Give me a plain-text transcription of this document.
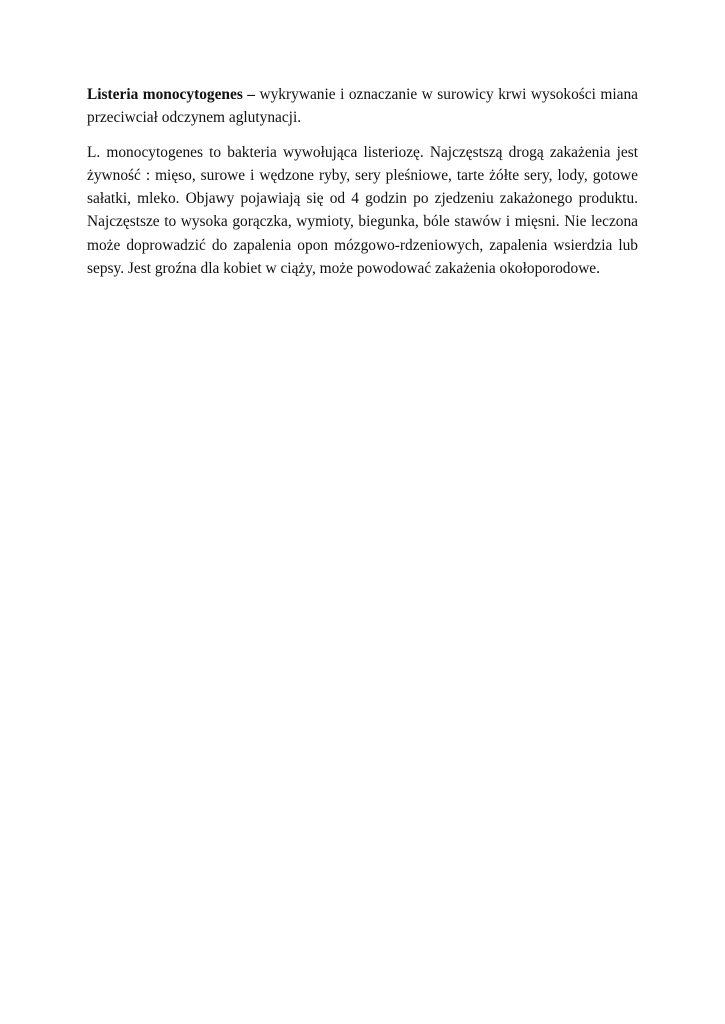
Listeria monocytogenes – wykrywanie i oznaczanie w surowicy krwi wysokości miana przeciwciał odczynem aglutynacji.

L. monocytogenes to bakteria wywołująca listeriozę. Najczęstszą drogą zakażenia jest żywność : mięso, surowe i wędzone ryby, sery pleśniowe, tarte żółte sery, lody, gotowe sałatki, mleko. Objawy pojawiają się od 4 godzin po zjedzeniu zakażonego produktu. Najczęstsze to wysoka gorączka, wymioty, biegunka, bóle stawów i mięsni. Nie leczona może doprowadzić do zapalenia opon mózgowo-rdzeniowych, zapalenia wsierdzia lub sepsy. Jest groźna dla kobiet w ciąży, może powodować zakażenia okołoporodowe.
